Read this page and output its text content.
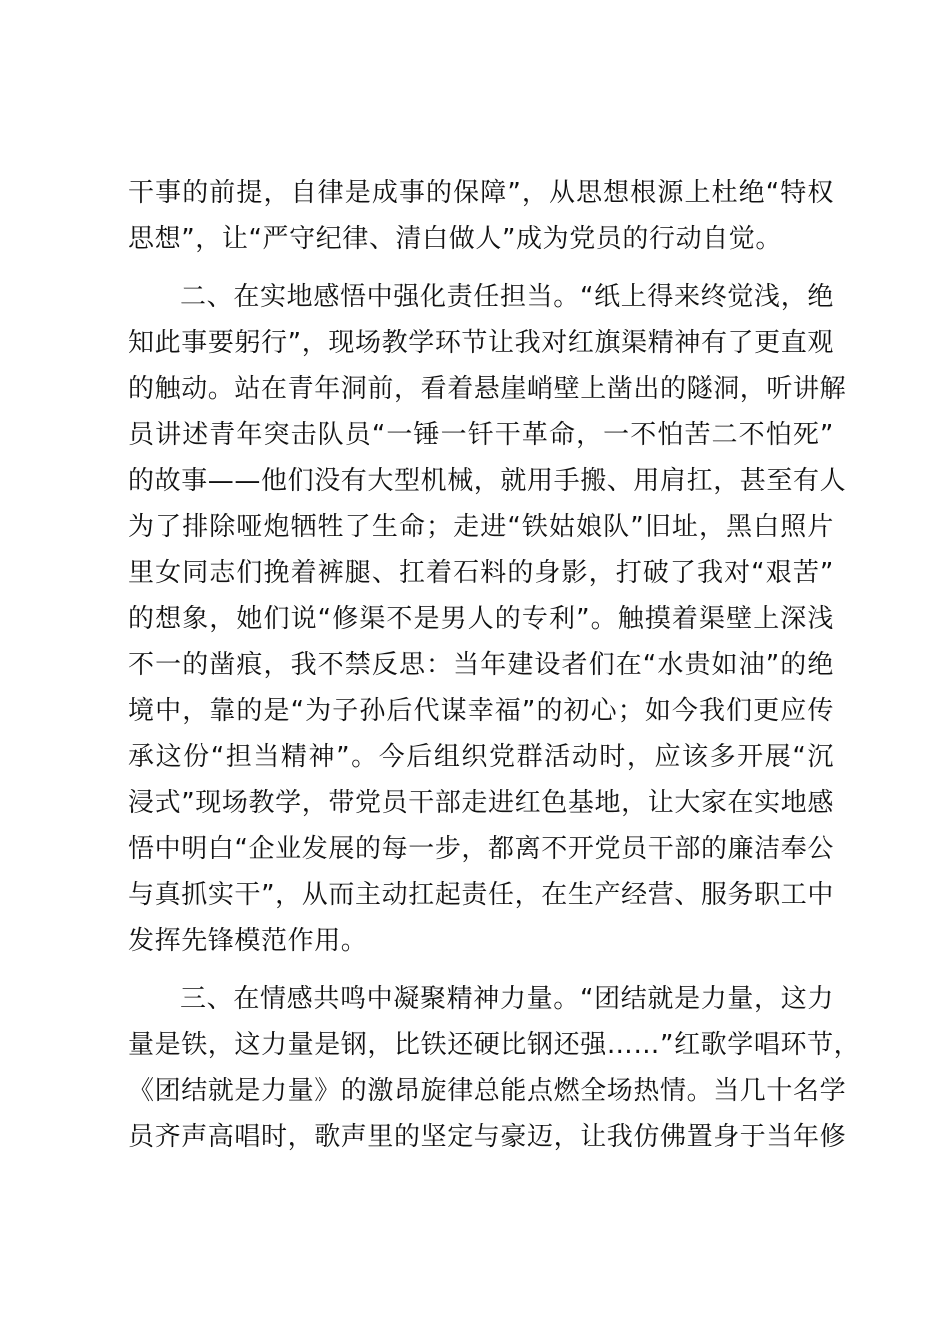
干事的前提，自律是成事的保障”，从思想根源上杜绝“特权
思想”，让“严守纪律、清白做人”成为党员的行动自觉。
二、在实地感悟中强化责任担当。“纸上得来终觉浅，绝
知此事要躬行”，现场教学环节让我对红旗渠精神有了更直观
的触动。站在青年洞前，看着悬崖峭壁上凿出的隧洞，听讲解
员讲述青年突击队员“一锤一钎干革命，一不怕苦二不怕死”
的故事——他们没有大型机械，就用手搬、用肩扛，甚至有人
为了排除哑炮牺牲了生命；走进“铁姑娘队”旧址，黑白照片
里女同志们挽着裤腿、扛着石料的身影，打破了我对“艰苦”
的想象，她们说“修渠不是男人的专利”。触摸着渠壁上深浅
不一的凿痕，我不禁反思：当年建设者们在“水贵如油”的绝
境中，靠的是“为子孙后代谋幸福”的初心；如今我们更应传
承这份“担当精神”。今后组织党群活动时，应该多开展“沉
浸式”现场教学，带党员干部走进红色基地，让大家在实地感
悟中明白“企业发展的每一步，都离不开党员干部的廉洁奉公
与真抓实干”，从而主动扛起责任，在生产经营、服务职工中
发挥先锋模范作用。
三、在情感共鸣中凝聚精神力量。“团结就是力量，这力
量是铁，这力量是钢，比铁还硬比钢还强……”红歌学唱环节，
《团结就是力量》的激昂旋律总能点燃全场热情。当几十名学
员齐声高唱时，歌声里的坚定与豪迈，让我仿佛置身于当年修
